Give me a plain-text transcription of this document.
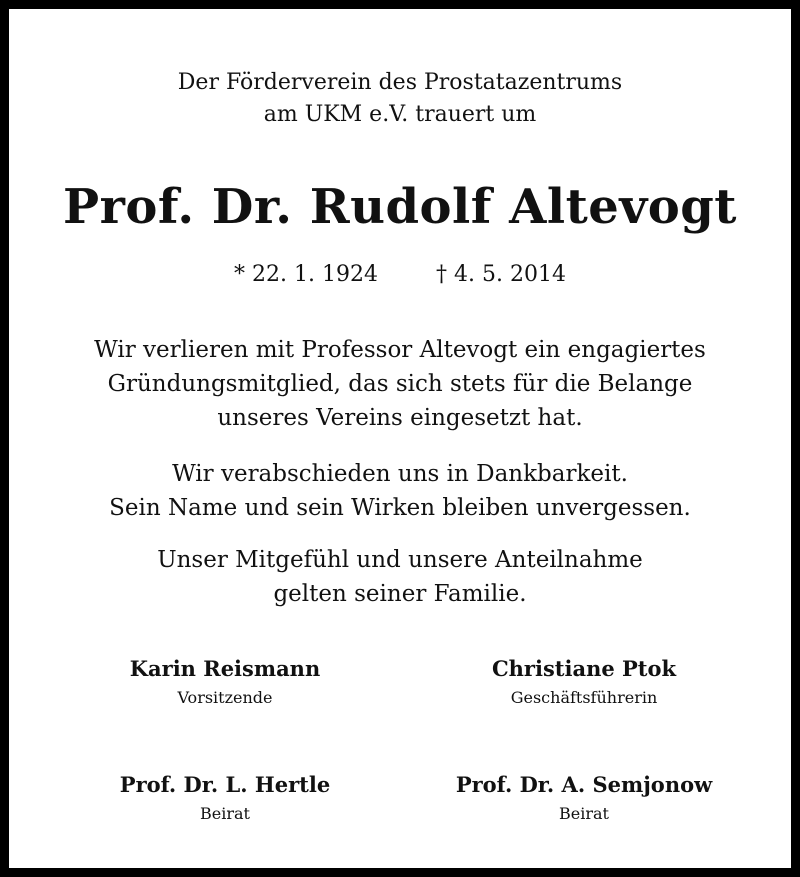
Der Förderverein des Prostatazentrums
am UKM e.V. trauert um
Prof. Dr. Rudolf Altevogt
* 22. 1. 1924	† 4. 5. 2014
Wir verlieren mit Professor Altevogt ein engagiertes
Gründungsmitglied, das sich stets für die Belange
unseres Vereins eingesetzt hat.
Wir verabschieden uns in Dankbarkeit.
Sein Name und sein Wirken bleiben unvergessen.
Unser Mitgefühl und unsere Anteilnahme
gelten seiner Familie.
Karin Reismann
Vorsitzende
Christiane Ptok
Geschäftsführerin
Prof. Dr. L. Hertle
Beirat
Prof. Dr. A. Semjonow
Beirat
